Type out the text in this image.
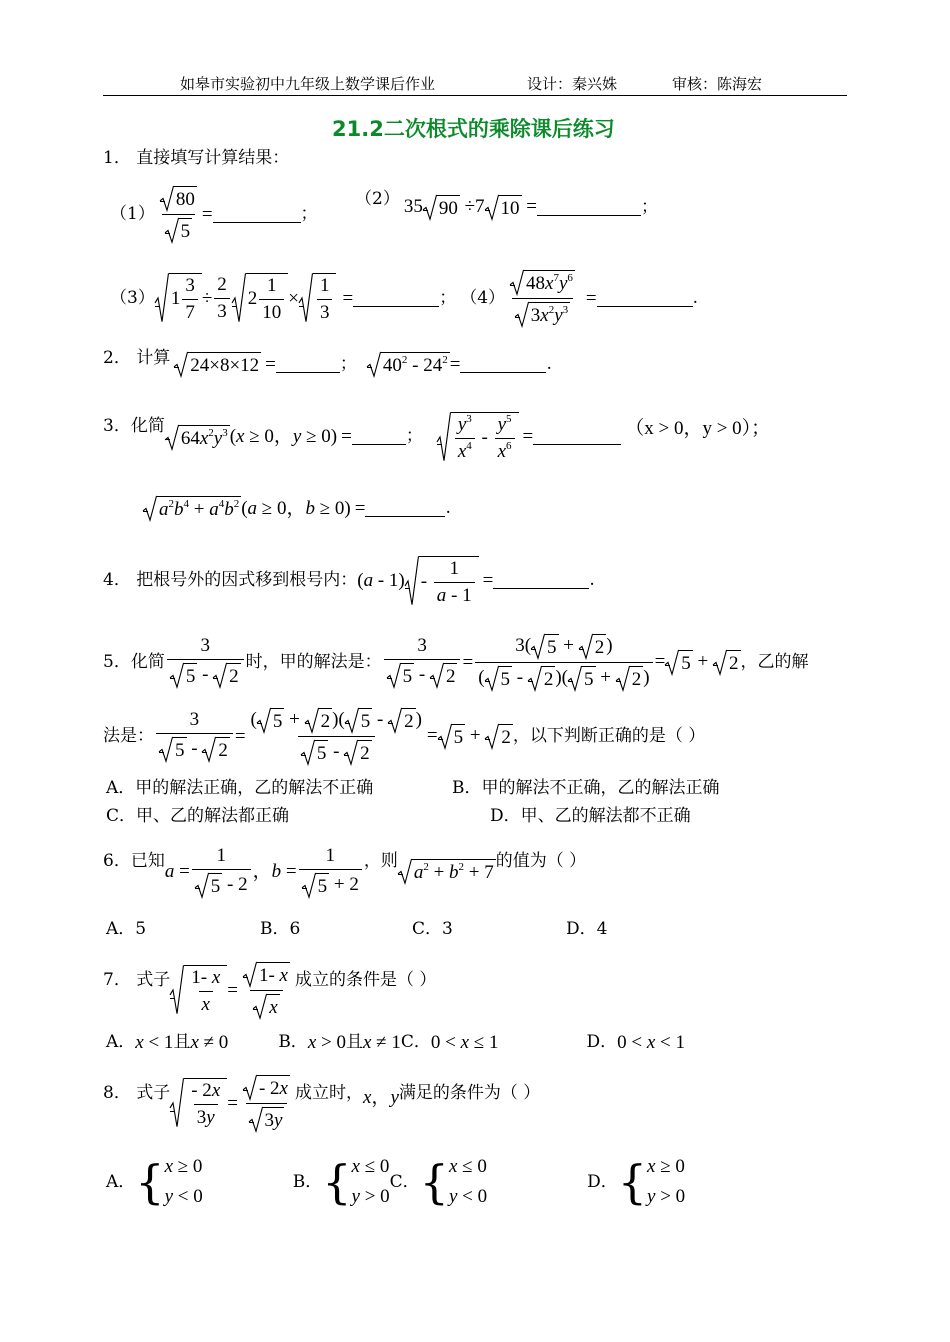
如皋市实验初中九年级上数学课后作业	设计：秦兴姝	审核：陈海宏
21.2二次根式的乘除课后练习
1． 直接填写计算结果：
$(1) \frac{80}{5}$ =	；
（2） 35 90
÷7 10
=	；
（3） $1 \frac{3}{7} \div \frac{2}{3} 2 \frac{1}{10} \times \frac{1}{3}$ =	； $(4) \frac{48x^7y^6}{3x^2y^3}$ =	.
2． 计算	24×8×12 =	；	$40^2 - 24^2$ =	.
3．化简
$64x^2y^3$ (x ≥ 0，y ≥ 0) =	； $\frac{y^3}{x^4} - \frac{y^5}{x^6}$ =	（x > 0，y > 0）；
$a^2b^4 + a^4b^2$ (a ≥ 0，b ≥ 0) =	.
4． 把根号外的因式移到根号内： $(a - 1) - \frac{1}{a - 1}$ =	.
5．化简 3
5
- 2 时，甲的解法是： 3
5
- 2 = 3( 5
+ 2 )
( 5
- 2 )( 5
+ 2 ) = 5
+ 2 ，乙的解
法是： 3
5
- 2 = ( 5
+ 2 )( 5
- 2 )
5
- 2 = 5
+ 2 ，以下判断正确的是（ ）
A．甲的解法正确，乙的解法不正确	B．甲的解法不正确，乙的解法正确
C．甲、乙的解法都正确	D．甲、乙的解法都不正确
6．已知 a = 1
5
- 2 ，b = 1
5
+ 2 ，则
$a^2 + b^2 + 7$
的值为（ ）
A．5	B．6	C．3	D．4
7． 式子 $\frac{1- x}{x} = \frac{1- x}{x}$ 成立的条件是（ ）
A． x < 1 且 x ≠ 0	B． x > 0 且 x ≠ 1 C． 0 < x ≤ 1	D． 0 < x < 1
8． 式子 $\frac{- 2x}{3y} = \frac{- 2x}{3y}$ 成立时， x，y 满足的条件为（ ）
A． { x ≥ 0
y < 0
B． { x ≤ 0
y > 0
C． { x ≤ 0
y < 0
D． { x ≥ 0
y > 0
